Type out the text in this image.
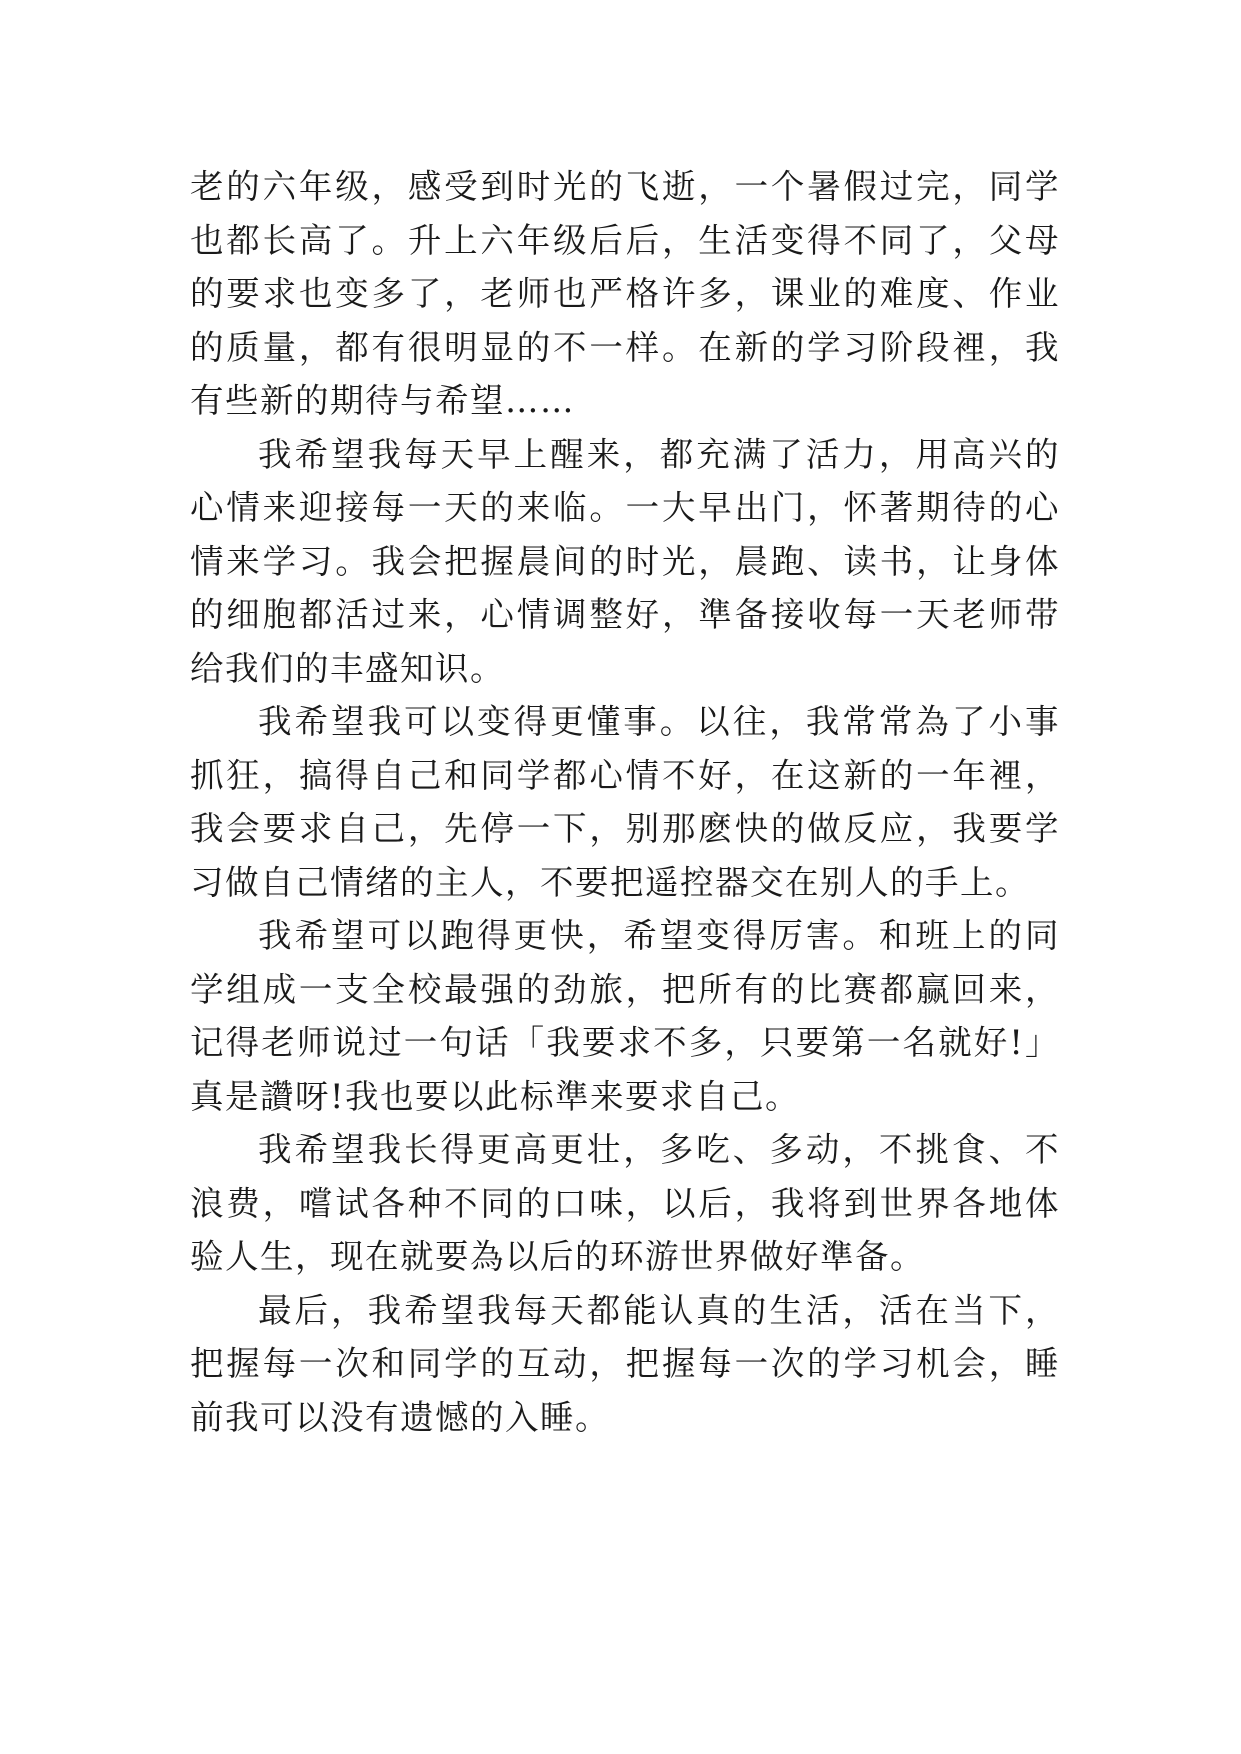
老的六年级，感受到时光的飞逝，一个暑假过完，同学也都长高了。升上六年级后后，生活变得不同了，父母的要求也变多了，老师也严格许多，课业的难度、作业的质量，都有很明显的不一样。在新的学习阶段裡，我有些新的期待与希望……

我希望我每天早上醒来，都充满了活力，用高兴的心情来迎接每一天的来临。一大早出门，怀著期待的心情来学习。我会把握晨间的时光，晨跑、读书，让身体的细胞都活过来，心情调整好，準备接收每一天老师带给我们的丰盛知识。

我希望我可以变得更懂事。以往，我常常為了小事抓狂，搞得自己和同学都心情不好，在这新的一年裡，我会要求自己，先停一下，别那麽快的做反应，我要学习做自己情绪的主人，不要把遥控器交在别人的手上。

我希望可以跑得更快，希望变得厉害。和班上的同学组成一支全校最强的劲旅，把所有的比赛都赢回来，记得老师说过一句话「我要求不多，只要第一名就好!」真是讚呀!我也要以此标準来要求自己。

我希望我长得更高更壮，多吃、多动，不挑食、不浪费，嚐试各种不同的口味，以后，我将到世界各地体验人生，现在就要為以后的环游世界做好準备。

最后，我希望我每天都能认真的生活，活在当下，把握每一次和同学的互动，把握每一次的学习机会，睡前我可以没有遗憾的入睡。
